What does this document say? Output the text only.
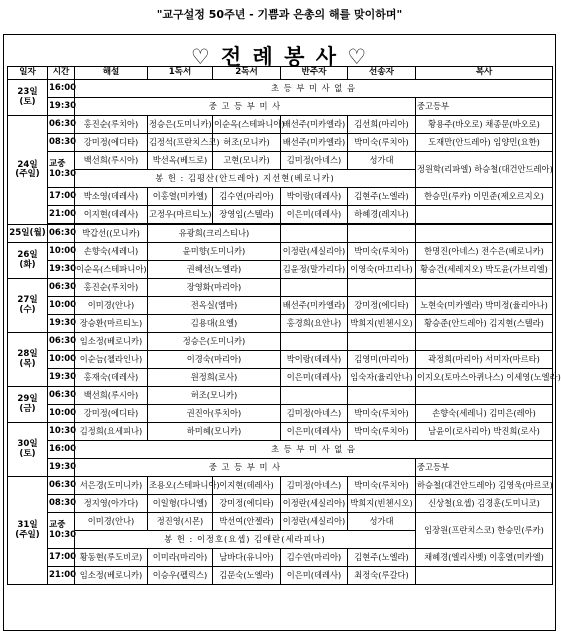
"교구설정 50주년 - 기쁨과 은총의 해를 맞이하며"
♡ 전 례 봉 사 ♡
일자	시간	해설	1독서	2독서	반주자	선송자	복사
23일
(토)	16:00	초 등 부 미 사 없 음					
	19:30	중 고 등 부 미 사					중고등부
24일
(주일)	06:30	홍진순(루치아)	정승은(도미니카)	이순옥(스테파니아)	배선주(미카엘라)	김선희(마리아)	황용주(바오로) 채종문(바오로)
	08:30	강미정(에디타)	김정석(프란치스코)	허조(모니카)	배선주(미카엘라)	박미숙(루치아)	도재만(안드레아) 임양민(요한)
	교중
10:30	백선희(루시아)	박선옥(베드로)	고현(모니카)	김미정(아네스)	성가대	정원학(리파엘) 하승철(대건안드레아)
		봉 헌 : 김평산(안드레아) 지선현(베로니카)					
	17:00	박소영(데레사)	이홍열(미카엘)	김수연(마리아)	박이랑(데레사)	김현주(노엘라)	한승민(루카) 이민준(제오르지오)
	21:00	이지현(데레사)	고정우(마르티노)	장영임(스텔라)	이은미(데레사)	하혜경(레지나)	

25일(월)	06:30	박갑선((모니카)	유광희(크리스티나)				
26일
(화)	10:00	손향숙(세레니)	윤미향(도미니카)		이정란(세실리아)	박미숙(루치아)	한명진(아네스) 전수은(베로니카)
	19:30	이순옥(스테파니아)	권혜선(노엘라)		김윤정(말가리다)	이영숙(마끄리나)	황승건(세레지오) 박도윤(가브리엘)
27일
(수)	06:30	홍진순(루치아)	장영화(마리아)				
	10:00	이미경(안나)	전옥실(엠마)		배선주(미카엘라)	강미정(에디타)	노현숙(미카엘라) 박미정(율리아나)
	19:30	장승환(마르티노)	김용대(요엘)		홍경희(요안나)	박희지(빈첸시오)	황승준(안드레아) 김지현(스텔라)
28일
(목)	06:30	임소정(베로니카)	정승은(도미니카)				
	10:00	이순늠(첼라인나)	이경숙(마리아)		박이랑(데레사)	김영미(마리아)	곽정희(마리아) 서미자(마르타)
	19:30	홍재숙(데레사)	원정희(로사)		이은미(데레사)	임숙자(율리안나)	이지오(토마스아퀴나스) 이세영(노엘라)
29일
(금)	06:30	백선희(루시아)	허조(모니카)				
	10:00	강미정(에디타)	권진아(루치아)		김미정(아네스)	박미숙(루치아)	손향숙(세레니) 김미은(레아)
30일
(토)	10:30	김정희(요세피나)	하미혜(모니카)		이은미(데레사)	박미숙(루치아)	남윤이(로사리아) 박진희(로사)
	16:00	초 등 부 미 사 없 음					
	19:30	중 고 등 부 미 사					중고등부
31일
(주일)	06:30	서은경(도미니카)	조용오(스테파니아)	이지현(데레사)	김미정(아네스)	박미숙(루치아)	하승철(대건안드레아) 김영욱(마르코)
	08:30	정지영(아가다)	이일형(다니엘)	강미정(에디타)	이정란(세실리아)	박희지(빈첸시오)	신상철(요셉) 김경훈(도미니코)
	교중
10:30	이미경(안나)	정진영(시몬)	박선여(안젤라)	이정란(세실리아)	성가대	임장원(프란치스코) 한승민(루카)
		봉 헌 : 이정호(요셉) 김애란(세라피나)					
	17:00	황동현(루도비코)	이미라(마리아)	남바다(유니아)	김수연(마리아)	김현주(노엘라)	채혜경(엘리사벳) 이홍열(미카엘)
	21:00	임소정(베로니카)	이승우(펠릭스)	김문숙(노엘라)	이은미(데레사)	최정숙(루갈다)	
